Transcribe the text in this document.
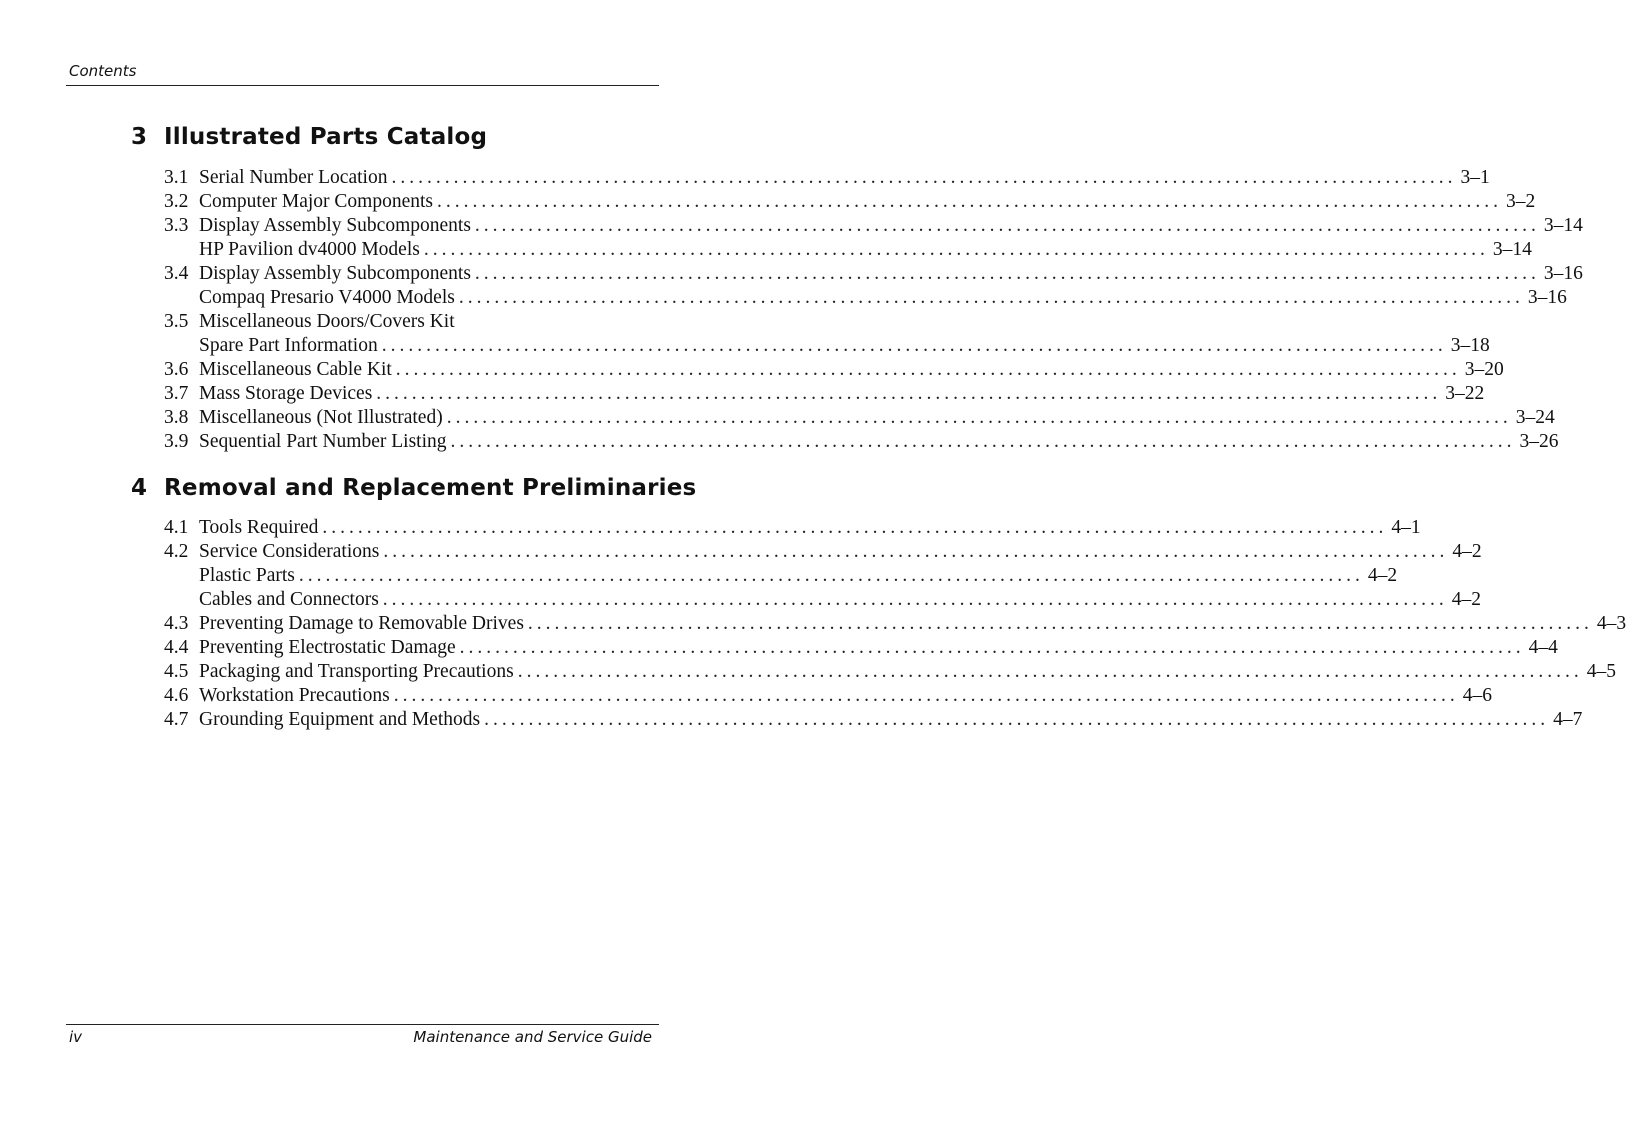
Contents
3 Illustrated Parts Catalog
3.1 Serial Number Location ........................................................................................................................ 3–1
3.2 Computer Major Components ........................................................................................................................ 3–2
3.3 Display Assembly Subcomponents ........................................................................................................................ 3–14
HP Pavilion dv4000 Models ........................................................................................................................ 3–14
3.4 Display Assembly Subcomponents ........................................................................................................................ 3–16
Compaq Presario V4000 Models ........................................................................................................................ 3–16
3.5 Miscellaneous Doors/Covers Kit
Spare Part Information ........................................................................................................................ 3–18
3.6 Miscellaneous Cable Kit ........................................................................................................................ 3–20
3.7 Mass Storage Devices ........................................................................................................................ 3–22
3.8 Miscellaneous (Not Illustrated) ........................................................................................................................ 3–24
3.9 Sequential Part Number Listing ........................................................................................................................ 3–26
4 Removal and Replacement Preliminaries
4.1 Tools Required ........................................................................................................................ 4–1
4.2 Service Considerations ........................................................................................................................ 4–2
Plastic Parts ........................................................................................................................ 4–2
Cables and Connectors ........................................................................................................................ 4–2
4.3 Preventing Damage to Removable Drives ........................................................................................................................ 4–3
4.4 Preventing Electrostatic Damage ........................................................................................................................ 4–4
4.5 Packaging and Transporting Precautions ........................................................................................................................ 4–5
4.6 Workstation Precautions ........................................................................................................................ 4–6
4.7 Grounding Equipment and Methods ........................................................................................................................ 4–7
iv	Maintenance and Service Guide
